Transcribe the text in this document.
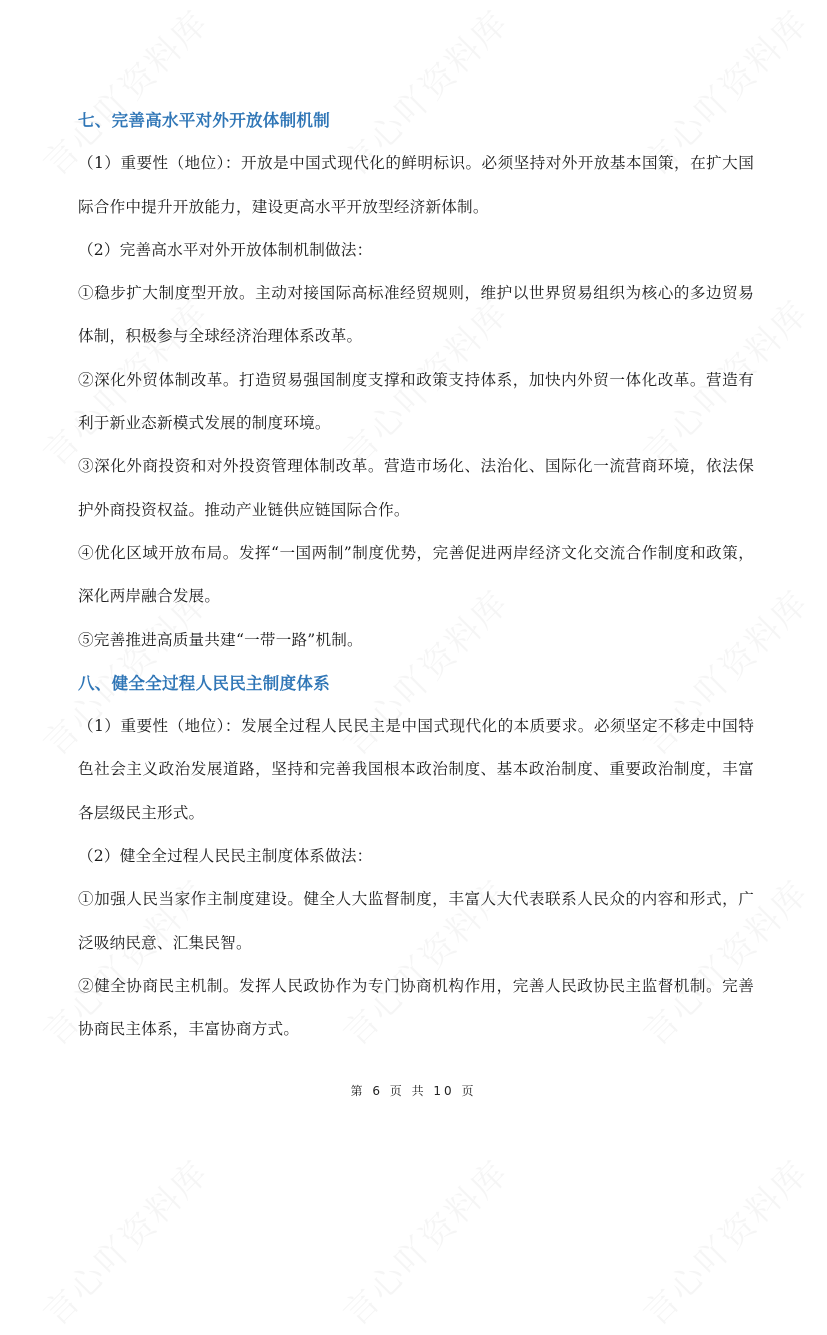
七、完善高水平对外开放体制机制

（1）重要性（地位）：开放是中国式现代化的鲜明标识。必须坚持对外开放基本国策，在扩大国际合作中提升开放能力，建设更高水平开放型经济新体制。

（2）完善高水平对外开放体制机制做法：

①稳步扩大制度型开放。主动对接国际高标准经贸规则，维护以世界贸易组织为核心的多边贸易体制，积极参与全球经济治理体系改革。

②深化外贸体制改革。打造贸易强国制度支撑和政策支持体系，加快内外贸一体化改革。营造有利于新业态新模式发展的制度环境。

③深化外商投资和对外投资管理体制改革。营造市场化、法治化、国际化一流营商环境，依法保护外商投资权益。推动产业链供应链国际合作。

④优化区域开放布局。发挥“一国两制”制度优势，完善促进两岸经济文化交流合作制度和政策，深化两岸融合发展。

⑤完善推进高质量共建“一带一路”机制。

八、健全全过程人民民主制度体系

（1）重要性（地位）：发展全过程人民民主是中国式现代化的本质要求。必须坚定不移走中国特色社会主义政治发展道路，坚持和完善我国根本政治制度、基本政治制度、重要政治制度，丰富各层级民主形式。

（2）健全全过程人民民主制度体系做法：

①加强人民当家作主制度建设。健全人大监督制度，丰富人大代表联系人民众的内容和形式，广泛吸纳民意、汇集民智。

②健全协商民主机制。发挥人民政协作为专门协商机构作用，完善人民政协民主监督机制。完善协商民主体系，丰富协商方式。

第 6 页 共 10 页
